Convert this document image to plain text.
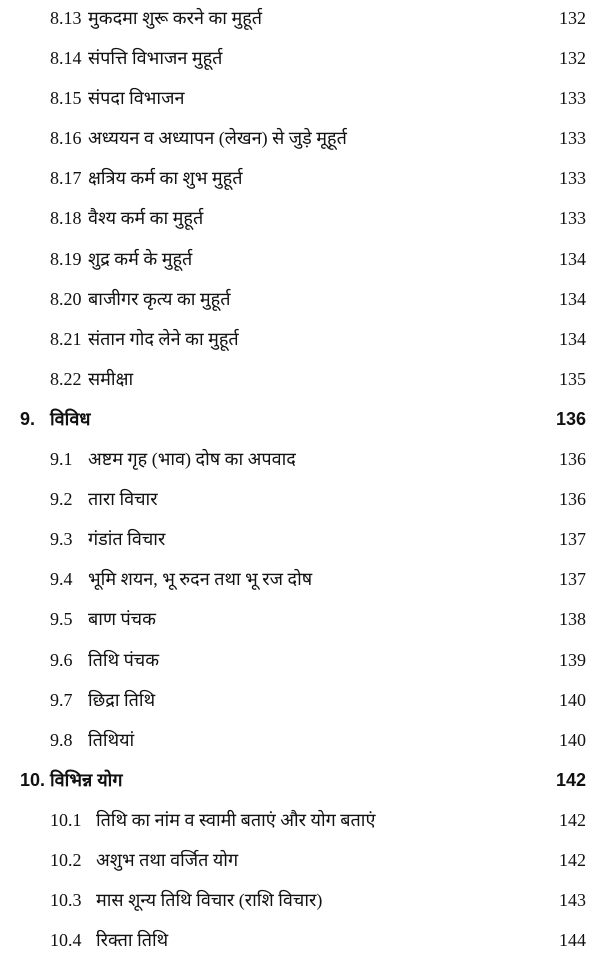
8.13 मुकदमा शुरू करने का मुहूर्त	132
8.14 संपत्ति विभाजन मुहूर्त	132
8.15 संपदा विभाजन	133
8.16 अध्ययन व अध्यापन (लेखन) से जुड़े मूहूर्त	133
8.17 क्षत्रिय कर्म का शुभ मुहूर्त	133
8.18 वैश्य कर्म का मुहूर्त	133
8.19 शुद्र कर्म के मुहूर्त	134
8.20 बाजीगर कृत्य का मुहूर्त	134
8.21 संतान गोद लेने का मुहूर्त	134
8.22 समीक्षा	135
9. विविध	136
9.1 अष्टम गृह (भाव) दोष का अपवाद	136
9.2 तारा विचार	136
9.3 गंडांत विचार	137
9.4 भूमि शयन, भू रुदन तथा भू रज दोष	137
9.5 बाण पंचक	138
9.6 तिथि पंचक	139
9.7 छिद्रा तिथि	140
9.8 तिथियां	140
10. विभिन्न योग	142
10.1 तिथि का नांम व स्वामी बताएं और योग बताएं	142
10.2 अशुभ तथा वर्जित योग	142
10.3 मास शून्य तिथि विचार (राशि विचार)	143
10.4 रिक्ता तिथि	144
